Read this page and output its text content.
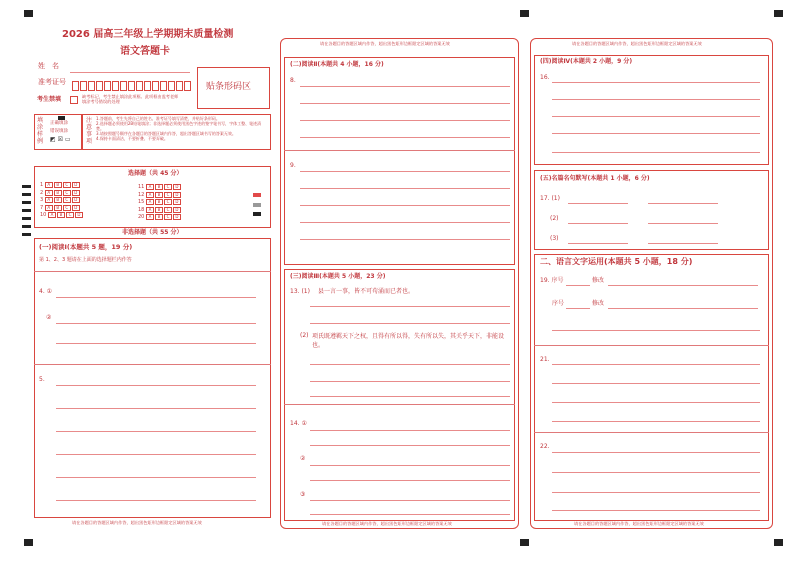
2026 届高三年级上学期期末质量检测
语文答题卡
姓　名
准考证号	贴条形码区
考生禁填	缺考标记，考生禁止填涂此项框。此项框由监考老师填涂考号错误的处理
填涂样例
正确填涂
错误填涂
◩ ☒ ▭
注意事项
1.答题前，考生先将自己的姓名、准考证号填写清楚，并贴好条形码。
2.选择题必须使用2B铅笔填涂；非选择题必须使用黑色字迹的签字笔书写，字体工整、笔迹清楚。
3.请按照题号顺序在各题目的答题区域内作答，超出答题区域书写的答案无效。
4.保持卡面清洁，不要折叠、不要弄破。
选择题（共 45 分）
1 A B C D
2 A B C D
3 A B C D
7 A B C D
10 A B C D
11 A B C D
12 A B C D
15 A B C D
18 A B C D
20 A B C D
非选择题（共 55 分）
(一)阅读Ⅰ(本题共 5 题，19 分)
第 1、2、3 题请在上面的选择题栏内作答
4. ①
②
5.
请在各题目的答题区域内作答，超出黑色矩形边框限定区域的答案无效
请在各题目的答题区域内作答，超出黑色矩形边框限定区域的答案无效
(二)阅读Ⅱ(本题共 4 小题，16 分)
8.
9.
(三)阅读Ⅲ(本题共 5 小题，23 分)
13. (1) 县一言一事，皆不可苟涌而已者也。
(2) 项氏既遵羁天下之权，且得有所以得，失有所以失，其关乎天下，非能设也。
14. ①
②
③
请在各题目的答题区域内作答，超出黑色矩形边框限定区域的答案无效
请在各题目的答题区域内作答，超出黑色矩形边框限定区域的答案无效
(四)阅读Ⅳ(本题共 2 小题，9 分)
16.
(五)名篇名句默写(本题共 1 小题，6 分)
17. (1)
(2)
(3)
二、语言文字运用(本题共 5 小题，18 分)
19. 序号	修改
序号	修改
21.
22.
请在各题目的答题区域内作答，超出黑色矩形边框限定区域的答案无效
